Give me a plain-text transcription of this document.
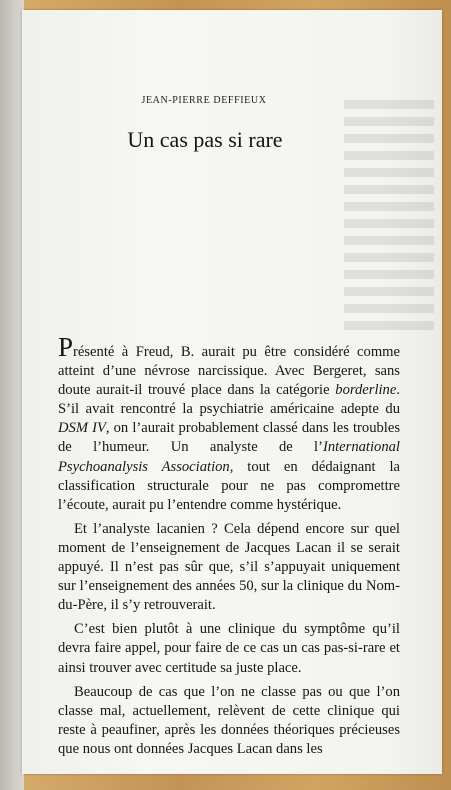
JEAN-PIERRE DEFFIEUX
Un cas pas si rare

Présenté à Freud, B. aurait pu être considéré comme atteint d’une névrose narcissique. Avec Bergeret, sans doute aurait-il trouvé place dans la catégorie borderline. S’il avait rencontré la psychiatrie américaine adepte du DSM IV, on l’aurait probablement classé dans les troubles de l’humeur. Un analyste de l’International Psychoanalysis Association, tout en dédaignant la classification structurale pour ne pas compromettre l’écoute, aurait pu l’entendre comme hystérique.

Et l’analyste lacanien ? Cela dépend encore sur quel moment de l’enseignement de Jacques Lacan il se serait appuyé. Il n’est pas sûr que, s’il s’appuyait uniquement sur l’enseignement des années 50, sur la clinique du Nom-du-Père, il s’y retrouverait.

C’est bien plutôt à une clinique du symptôme qu’il devra faire appel, pour faire de ce cas un cas pas-si-rare et ainsi trouver avec certitude sa juste place.

Beaucoup de cas que l’on ne classe pas ou que l’on classe mal, actuellement, relèvent de cette clinique qui reste à peaufiner, après les données théoriques précieuses que nous ont données Jacques Lacan dans les
